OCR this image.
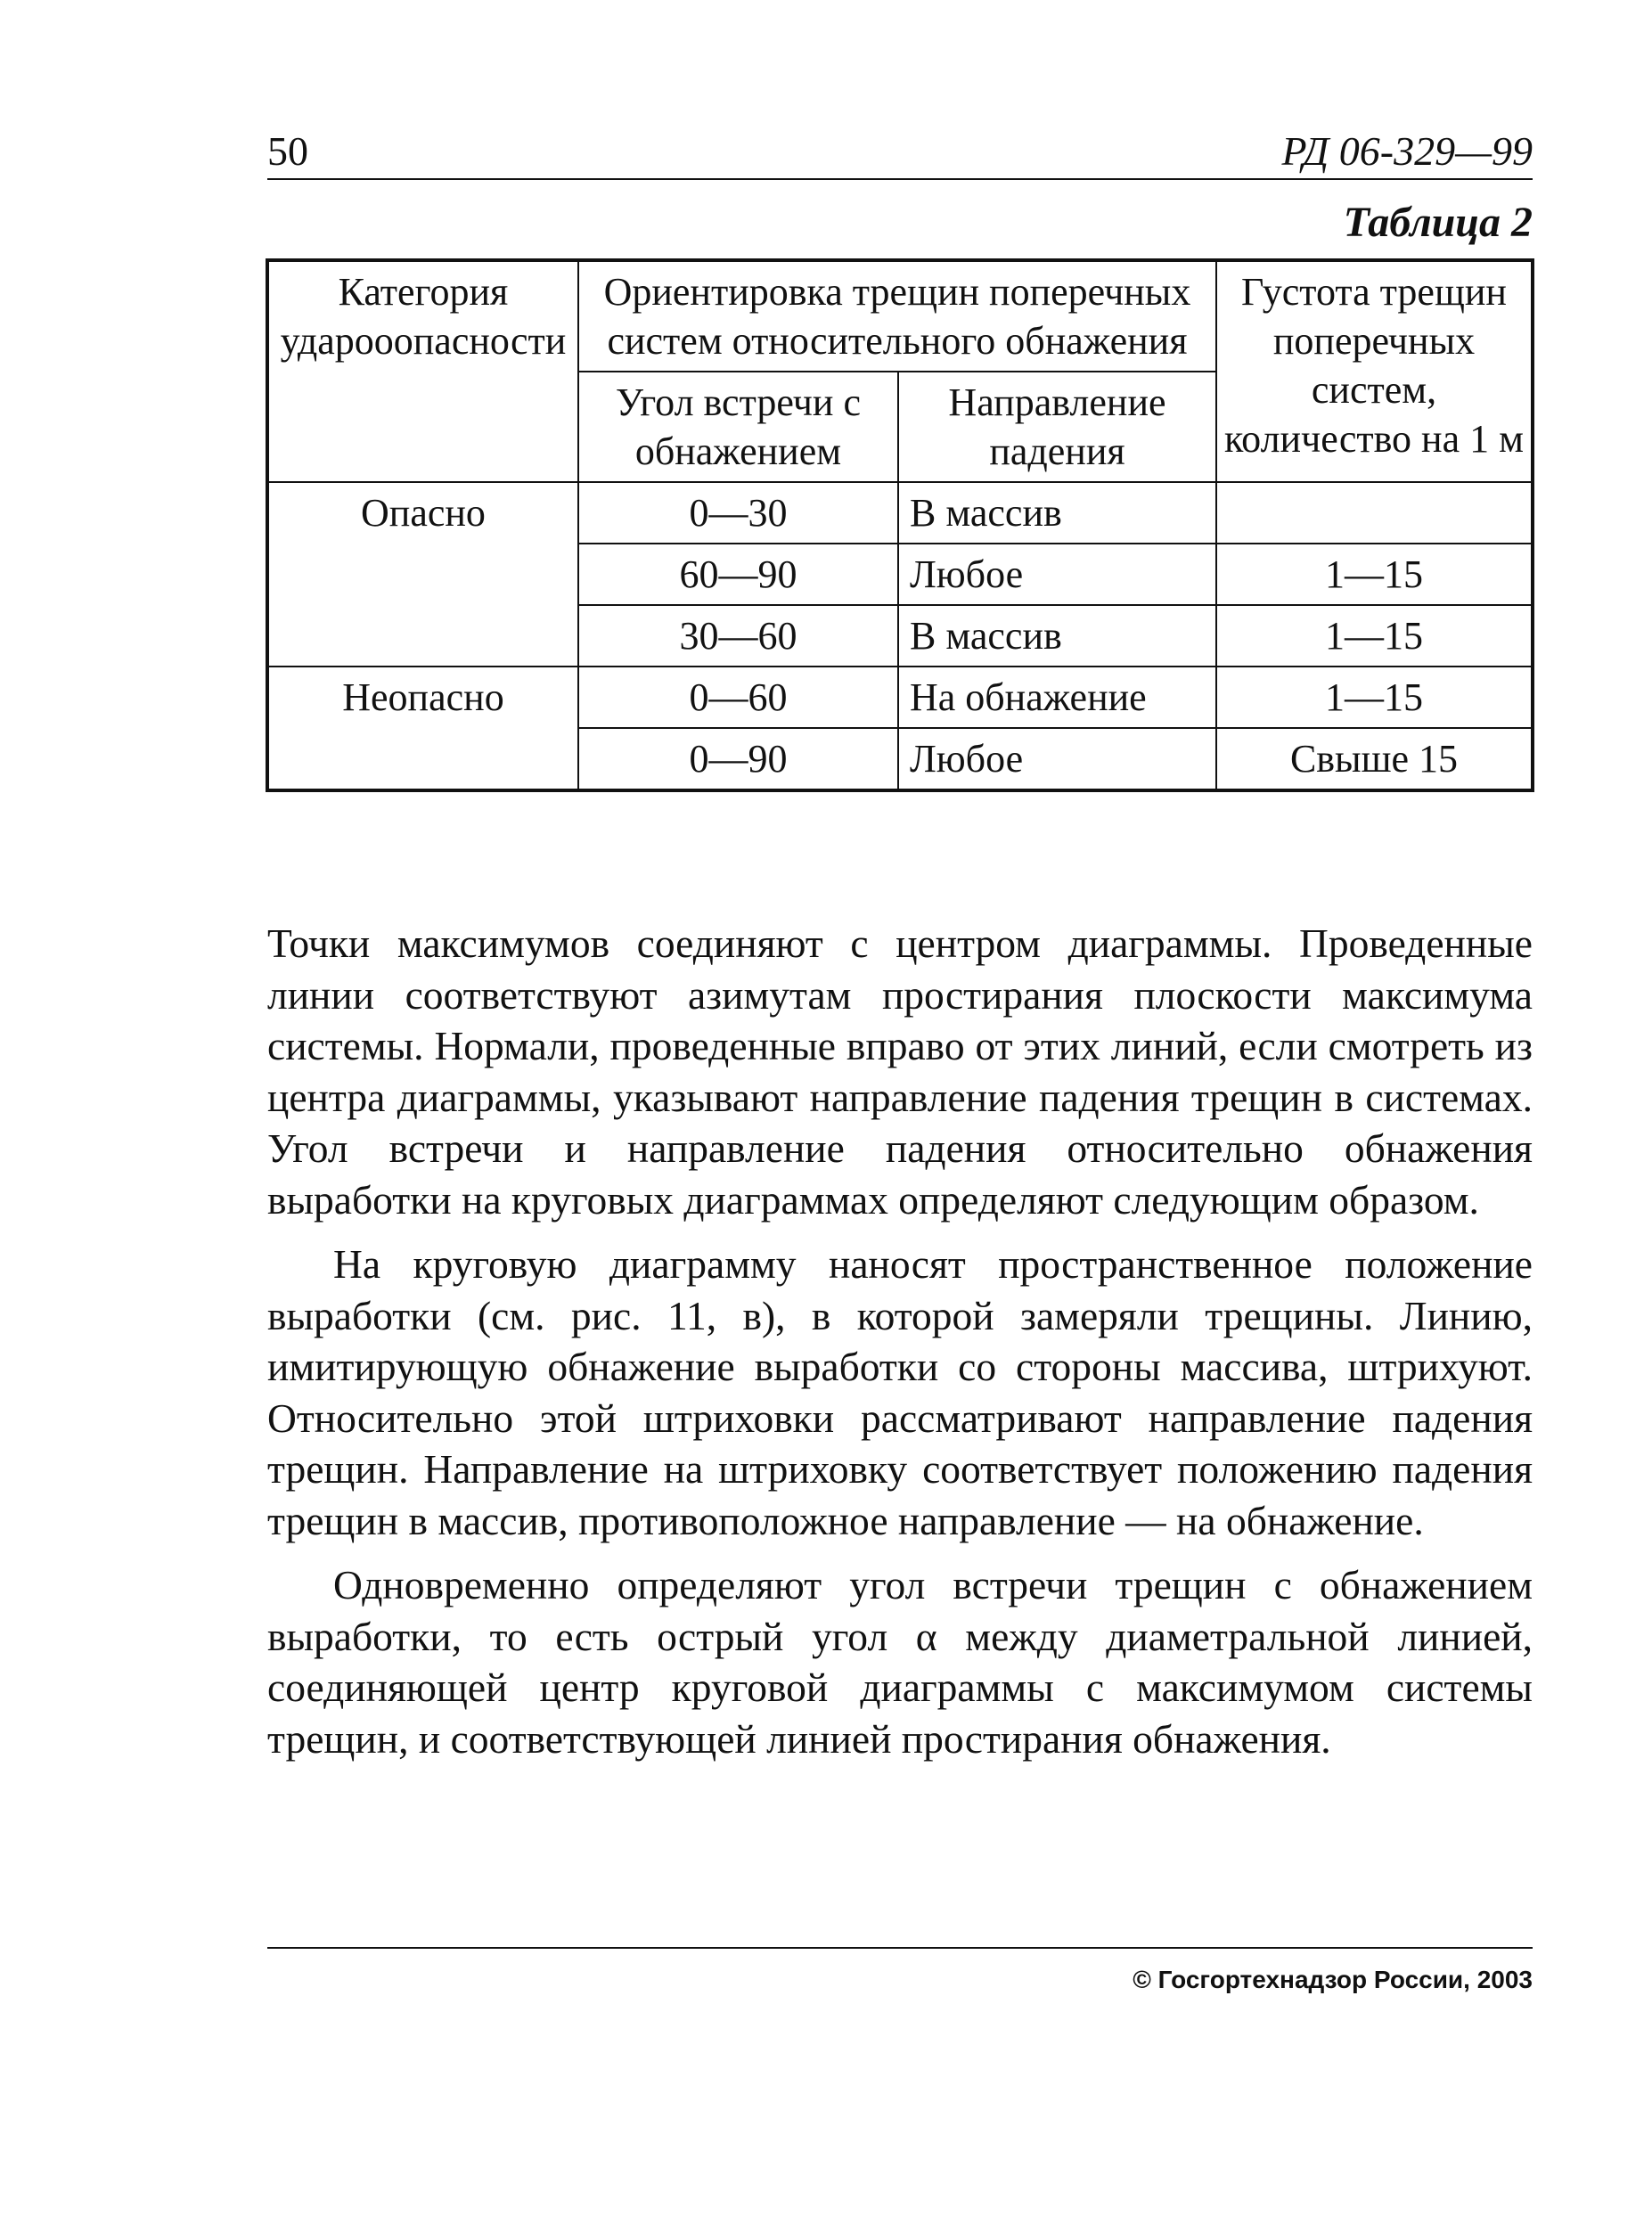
50	РД 06-329—99
Таблица 2
Категория ударооопасности	Ориентировка трещин поперечных систем относительного обнажения		Густота трещин поперечных систем, количество на 1 м
	Угол встречи с обнажением	Направление падения	
Опасно	0—30	В массив	
	60—90	Любое	1—15
	30—60	В массив	1—15
Неопасно	0—60	На обнажение	1—15
	0—90	Любое	Свыше 15

Точки максимумов соединяют с центром диаграммы. Проведенные линии соответствуют азимутам простирания плоскости максимума системы. Нормали, проведенные вправо от этих линий, если смотреть из центра диаграммы, указывают направление падения трещин в системах. Угол встречи и направление падения относительно обнажения выработки на круговых диаграммах определяют следующим образом.

На круговую диаграмму наносят пространственное положение выработки (см. рис. 11, в), в которой замеряли трещины. Линию, имитирующую обнажение выработки со стороны массива, штрихуют. Относительно этой штриховки рассматривают направление падения трещин. Направление на штриховку соответствует положению падения трещин в массив, противоположное направление — на обнажение.

Одновременно определяют угол встречи трещин с обнажением выработки, то есть острый угол α между диаметральной линией, соединяющей центр круговой диаграммы с максимумом системы трещин, и соответствующей линией простирания обнажения.

© Госгортехнадзор России, 2003
